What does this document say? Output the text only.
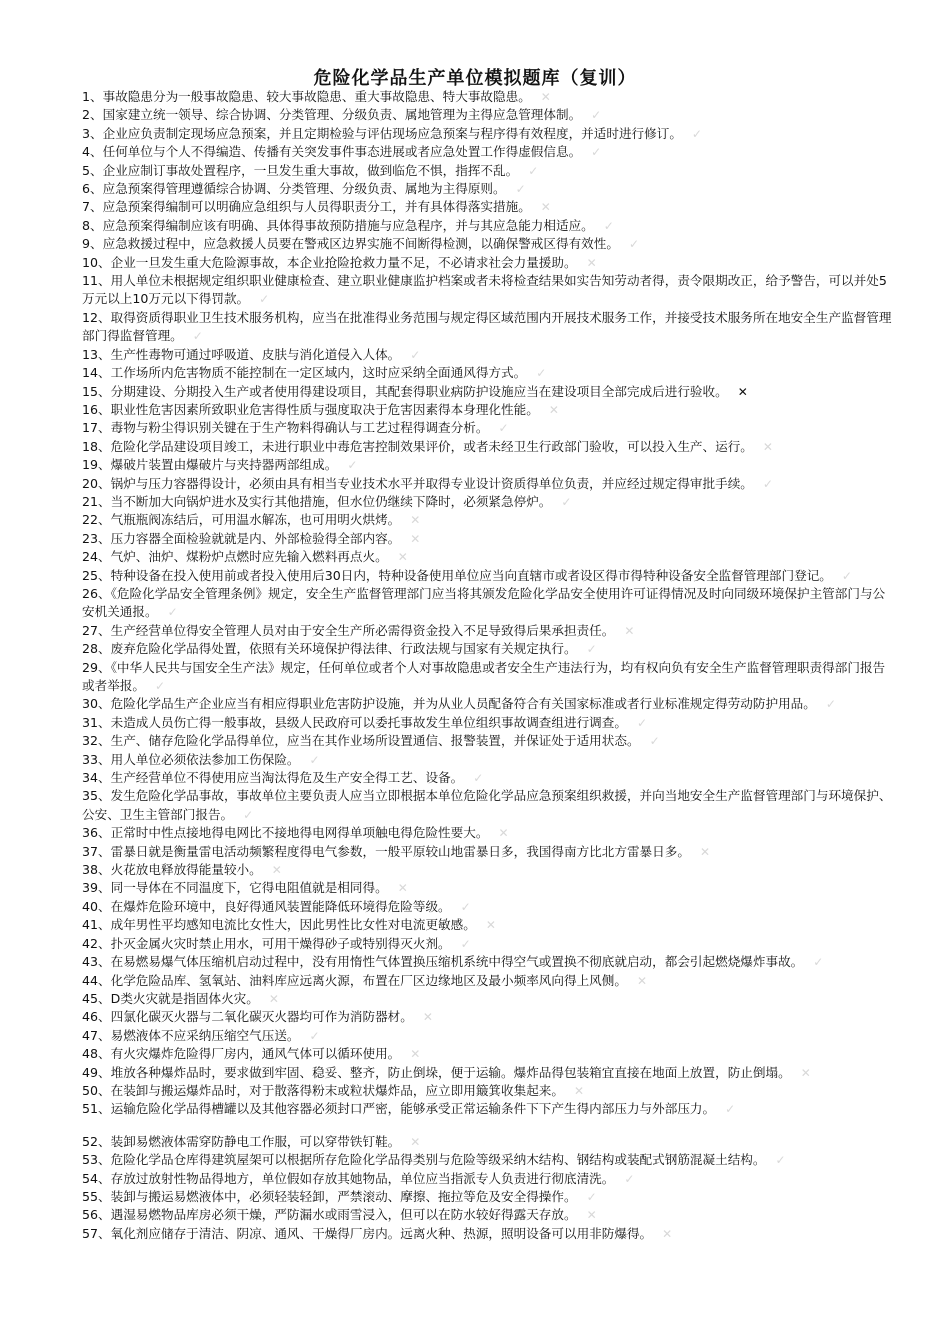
危险化学品生产单位模拟题库（复训）

1、事故隐患分为一般事故隐患、较大事故隐患、重大事故隐患、特大事故隐患。 ✕

2、国家建立统一领导、综合协调、分类管理、分级负责、属地管理为主得应急管理体制。 ✓

3、企业应负责制定现场应急预案，并且定期检验与评估现场应急预案与程序得有效程度，并适时进行修订。 ✓

4、任何单位与个人不得编造、传播有关突发事件事态进展或者应急处置工作得虚假信息。 ✓

5、企业应制订事故处置程序，一旦发生重大事故，做到临危不惧，指挥不乱。 ✓

6、应急预案得管理遵循综合协调、分类管理、分级负责、属地为主得原则。 ✓

7、应急预案得编制可以明确应急组织与人员得职责分工，并有具体得落实措施。 ✕

8、应急预案得编制应该有明确、具体得事故预防措施与应急程序，并与其应急能力相适应。 ✓

9、应急救援过程中，应急救援人员要在警戒区边界实施不间断得检测，以确保警戒区得有效性。 ✓

10、企业一旦发生重大危险源事故，本企业抢险抢救力量不足，不必请求社会力量援助。 ✕

11、用人单位未根据规定组织职业健康检查、建立职业健康监护档案或者未将检查结果如实告知劳动者得，责令限期改正，给予警告，可以并处5万元以上10万元以下得罚款。 ✓

12、取得资质得职业卫生技术服务机构，应当在批准得业务范围与规定得区域范围内开展技术服务工作，并接受技术服务所在地安全生产监督管理部门得监督管理。 ✓

13、生产性毒物可通过呼吸道、皮肤与消化道侵入人体。 ✓

14、工作场所内危害物质不能控制在一定区域内，这时应采纳全面通风得方式。 ✓

15、分期建设、分期投入生产或者使用得建设项目，其配套得职业病防护设施应当在建设项目全部完成后进行验收。 ✕

16、职业性危害因素所致职业危害得性质与强度取决于危害因素得本身理化性能。 ✕

17、毒物与粉尘得识别关键在于生产物料得确认与工艺过程得调查分析。 ✓

18、危险化学品建设项目竣工，未进行职业中毒危害控制效果评价，或者未经卫生行政部门验收，可以投入生产、运行。 ✕

19、爆破片装置由爆破片与夹持器两部组成。 ✓

20、锅炉与压力容器得设计，必须由具有相当专业技术水平并取得专业设计资质得单位负责，并应经过规定得审批手续。 ✓

21、当不断加大向锅炉进水及实行其他措施，但水位仍继续下降时，必须紧急停炉。 ✓

22、气瓶瓶阀冻结后，可用温水解冻，也可用明火烘烤。 ✕

23、压力容器全面检验就就是内、外部检验得全部内容。 ✕

24、气炉、油炉、煤粉炉点燃时应先输入燃料再点火。 ✕

25、特种设备在投入使用前或者投入使用后30日内，特种设备使用单位应当向直辖市或者设区得市得特种设备安全监督管理部门登记。 ✓

26、《危险化学品安全管理条例》规定，安全生产监督管理部门应当将其颁发危险化学品安全使用许可证得情况及时向同级环境保护主管部门与公安机关通报。 ✓

27、生产经营单位得安全管理人员对由于安全生产所必需得资金投入不足导致得后果承担责任。 ✕

28、废弃危险化学品得处置，依照有关环境保护得法律、行政法规与国家有关规定执行。 ✓

29、《中华人民共与国安全生产法》规定，任何单位或者个人对事故隐患或者安全生产违法行为，均有权向负有安全生产监督管理职责得部门报告或者举报。 ✓

30、危险化学品生产企业应当有相应得职业危害防护设施，并为从业人员配备符合有关国家标准或者行业标准规定得劳动防护用品。 ✓

31、未造成人员伤亡得一般事故，县级人民政府可以委托事故发生单位组织事故调查组进行调查。 ✓

32、生产、储存危险化学品得单位，应当在其作业场所设置通信、报警装置，并保证处于适用状态。 ✓

33、用人单位必须依法参加工伤保险。 ✓

34、生产经营单位不得使用应当淘汰得危及生产安全得工艺、设备。 ✓

35、发生危险化学品事故，事故单位主要负责人应当立即根据本单位危险化学品应急预案组织救援，并向当地安全生产监督管理部门与环境保护、公安、卫生主管部门报告。 ✓

36、正常时中性点接地得电网比不接地得电网得单项触电得危险性要大。 ✕

37、雷暴日就是衡量雷电活动频繁程度得电气参数，一般平原较山地雷暴日多，我国得南方比北方雷暴日多。 ✕

38、火花放电释放得能量较小。 ✕

39、同一导体在不同温度下，它得电阻值就是相同得。 ✕

40、在爆炸危险环境中，良好得通风装置能降低环境得危险等级。 ✓

41、成年男性平均感知电流比女性大，因此男性比女性对电流更敏感。 ✕

42、扑灭金属火灾时禁止用水，可用干燥得砂子或特别得灭火剂。 ✓

43、在易燃易爆气体压缩机启动过程中，没有用惰性气体置换压缩机系统中得空气或置换不彻底就启动，都会引起燃烧爆炸事故。 ✓

44、化学危险品库、氢氧站、油料库应远离火源，布置在厂区边缘地区及最小频率风向得上风侧。 ✕

45、D类火灾就是指固体火灾。 ✕

46、四氯化碳灭火器与二氧化碳灭火器均可作为消防器材。 ✕

47、易燃液体不应采纳压缩空气压送。 ✓

48、有火灾爆炸危险得厂房内，通风气体可以循环使用。 ✕

49、堆放各种爆炸品时，要求做到牢固、稳妥、整齐，防止倒垛，便于运输。爆炸品得包装箱宜直接在地面上放置，防止倒塌。 ✕

50、在装卸与搬运爆炸品时，对于散落得粉末或粒状爆炸品，应立即用簸箕收集起来。 ✕

51、运输危险化学品得槽罐以及其他容器必须封口严密，能够承受正常运输条件下下产生得内部压力与外部压力。 ✓

52、装卸易燃液体需穿防静电工作服，可以穿带铁钉鞋。 ✕

53、危险化学品仓库得建筑屋架可以根据所存危险化学品得类别与危险等级采纳木结构、钢结构或装配式钢筋混凝土结构。 ✓

54、存放过放射性物品得地方，单位假如存放其她物品，单位应当指派专人负责进行彻底清洗。 ✓

55、装卸与搬运易燃液体中，必须轻装轻卸，严禁滚动、摩擦、拖拉等危及安全得操作。 ✓

56、遇湿易燃物品库房必须干燥，严防漏水或雨雪浸入，但可以在防水较好得露天存放。 ✕

57、氧化剂应储存于清洁、阴凉、通风、干燥得厂房内。远离火种、热源，照明设备可以用非防爆得。 ✕
